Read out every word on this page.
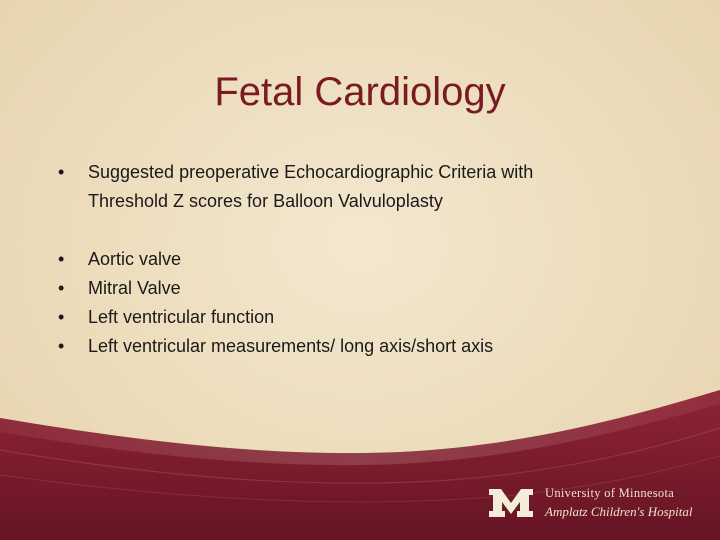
Fetal Cardiology
• Suggested preoperative Echocardiographic Criteria with
Threshold Z scores for Balloon Valvuloplasty
• Aortic valve
• Mitral Valve
• Left ventricular function
• Left ventricular measurements/ long axis/short axis
University of Minnesota
Amplatz Children's Hospital
